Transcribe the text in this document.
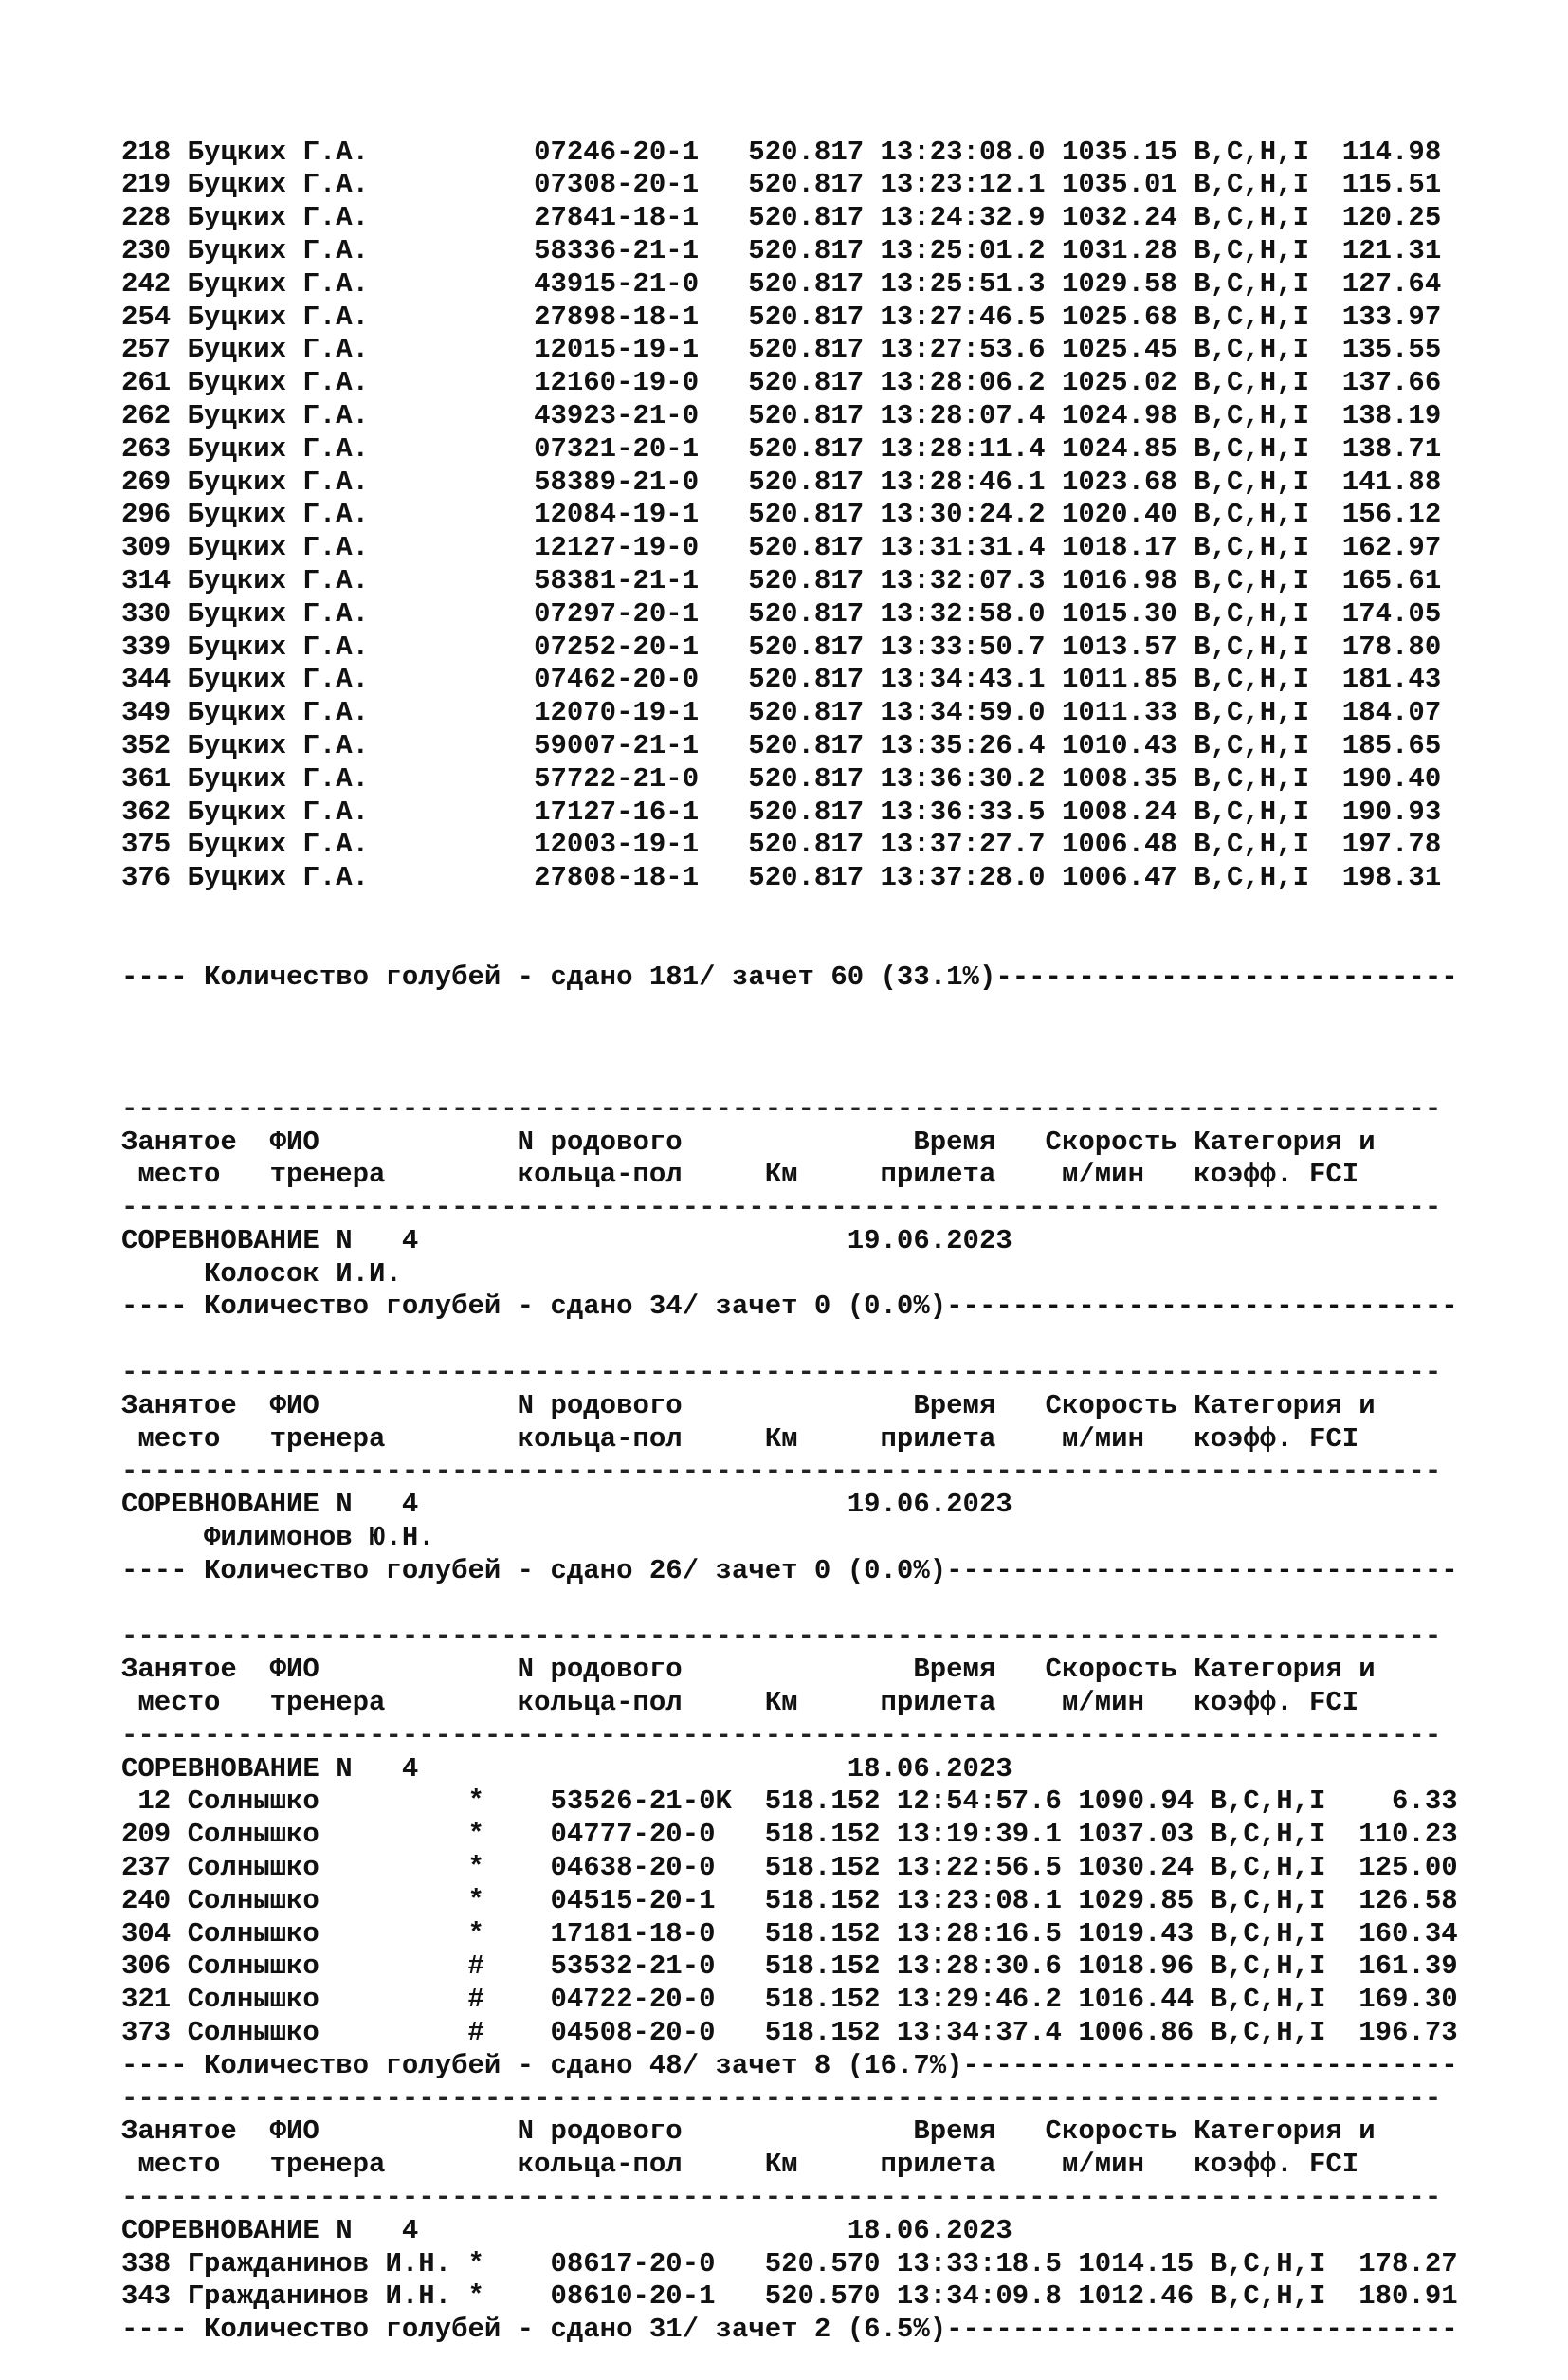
218 Буцких Г.А.          07246-20-1   520.817 13:23:08.0 1035.15 B,C,H,I  114.98
219 Буцких Г.А.          07308-20-1   520.817 13:23:12.1 1035.01 B,C,H,I  115.51
228 Буцких Г.А.          27841-18-1   520.817 13:24:32.9 1032.24 B,C,H,I  120.25
230 Буцких Г.А.          58336-21-1   520.817 13:25:01.2 1031.28 B,C,H,I  121.31
242 Буцких Г.А.          43915-21-0   520.817 13:25:51.3 1029.58 B,C,H,I  127.64
254 Буцких Г.А.          27898-18-1   520.817 13:27:46.5 1025.68 B,C,H,I  133.97
257 Буцких Г.А.          12015-19-1   520.817 13:27:53.6 1025.45 B,C,H,I  135.55
261 Буцких Г.А.          12160-19-0   520.817 13:28:06.2 1025.02 B,C,H,I  137.66
262 Буцких Г.А.          43923-21-0   520.817 13:28:07.4 1024.98 B,C,H,I  138.19
263 Буцких Г.А.          07321-20-1   520.817 13:28:11.4 1024.85 B,C,H,I  138.71
269 Буцких Г.А.          58389-21-0   520.817 13:28:46.1 1023.68 B,C,H,I  141.88
296 Буцких Г.А.          12084-19-1   520.817 13:30:24.2 1020.40 B,C,H,I  156.12
309 Буцких Г.А.          12127-19-0   520.817 13:31:31.4 1018.17 B,C,H,I  162.97
314 Буцких Г.А.          58381-21-1   520.817 13:32:07.3 1016.98 B,C,H,I  165.61
330 Буцких Г.А.          07297-20-1   520.817 13:32:58.0 1015.30 B,C,H,I  174.05
339 Буцких Г.А.          07252-20-1   520.817 13:33:50.7 1013.57 B,C,H,I  178.80
344 Буцких Г.А.          07462-20-0   520.817 13:34:43.1 1011.85 B,C,H,I  181.43
349 Буцких Г.А.          12070-19-1   520.817 13:34:59.0 1011.33 B,C,H,I  184.07
352 Буцких Г.А.          59007-21-1   520.817 13:35:26.4 1010.43 B,C,H,I  185.65
361 Буцких Г.А.          57722-21-0   520.817 13:36:30.2 1008.35 B,C,H,I  190.40
362 Буцких Г.А.          17127-16-1   520.817 13:36:33.5 1008.24 B,C,H,I  190.93
375 Буцких Г.А.          12003-19-1   520.817 13:37:27.7 1006.48 B,C,H,I  197.78
376 Буцких Г.А.          27808-18-1   520.817 13:37:28.0 1006.47 B,C,H,I  198.31

---- Количество голубей - сдано 181/ зачет 60 (33.1%)----------------------------

--------------------------------------------------------------------------------
Занятое  ФИО            N родового              Время   Скорость Категория и
место   тренера        кольца-пол     Км     прилета    м/мин   коэфф. FCI
--------------------------------------------------------------------------------
СОРЕВНОВАНИЕ N   4                          19.06.2023
Колосок И.И.
---- Количество голубей - сдано 34/ зачет 0 (0.0%)-------------------------------
--------------------------------------------------------------------------------
Занятое  ФИО            N родового              Время   Скорость Категория и
место   тренера        кольца-пол     Км     прилета    м/мин   коэфф. FCI
--------------------------------------------------------------------------------
СОРЕВНОВАНИЕ N   4                          19.06.2023
Филимонов Ю.Н.
---- Количество голубей - сдано 26/ зачет 0 (0.0%)-------------------------------
--------------------------------------------------------------------------------
Занятое  ФИО            N родового              Время   Скорость Категория и
место   тренера        кольца-пол     Км     прилета    м/мин   коэфф. FCI
--------------------------------------------------------------------------------
СОРЕВНОВАНИЕ N   4                          18.06.2023
12 Солнышко         *    53526-21-0K  518.152 12:54:57.6 1090.94 B,C,H,I    6.33
209 Солнышко         *    04777-20-0   518.152 13:19:39.1 1037.03 B,C,H,I  110.23
237 Солнышко         *    04638-20-0   518.152 13:22:56.5 1030.24 B,C,H,I  125.00
240 Солнышко         *    04515-20-1   518.152 13:23:08.1 1029.85 B,C,H,I  126.58
304 Солнышко         *    17181-18-0   518.152 13:28:16.5 1019.43 B,C,H,I  160.34
306 Солнышко         #    53532-21-0   518.152 13:28:30.6 1018.96 B,C,H,I  161.39
321 Солнышко         #    04722-20-0   518.152 13:29:46.2 1016.44 B,C,H,I  169.30
373 Солнышко         #    04508-20-0   518.152 13:34:37.4 1006.86 B,C,H,I  196.73
---- Количество голубей - сдано 48/ зачет 8 (16.7%)------------------------------
--------------------------------------------------------------------------------
Занятое  ФИО            N родового              Время   Скорость Категория и
место   тренера        кольца-пол     Км     прилета    м/мин   коэфф. FCI
--------------------------------------------------------------------------------
СОРЕВНОВАНИЕ N   4                          18.06.2023
338 Гражданинов И.Н. *    08617-20-0   520.570 13:33:18.5 1014.15 B,C,H,I  178.27
343 Гражданинов И.Н. *    08610-20-1   520.570 13:34:09.8 1012.46 B,C,H,I  180.91
---- Количество голубей - сдано 31/ зачет 2 (6.5%)-------------------------------
